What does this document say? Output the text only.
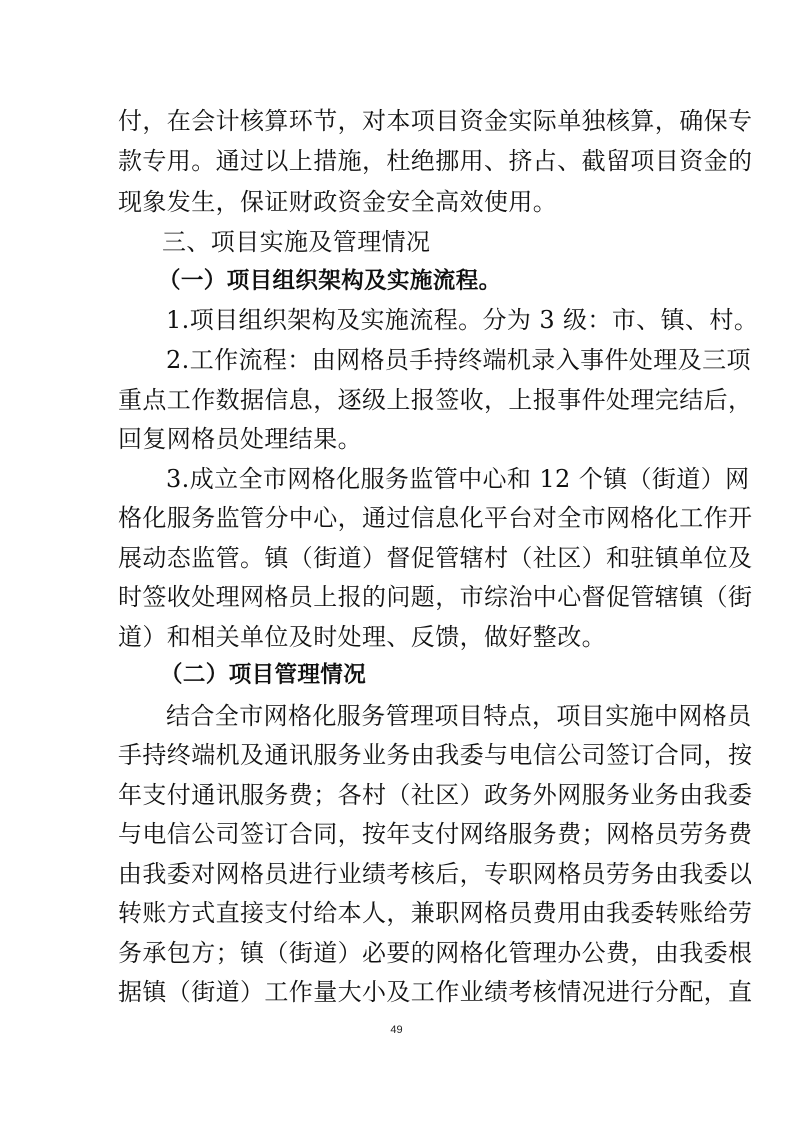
付，在会计核算环节，对本项目资金实际单独核算，确保专
款专用。通过以上措施，杜绝挪用、挤占、截留项目资金的
现象发生，保证财政资金安全高效使用。
三、项目实施及管理情况
（一）项目组织架构及实施流程。
1.项目组织架构及实施流程。分为 3 级：市、镇、村。
2.工作流程：由网格员手持终端机录入事件处理及三项
重点工作数据信息，逐级上报签收，上报事件处理完结后，
回复网格员处理结果。
3.成立全市网格化服务监管中心和 12 个镇（街道）网
格化服务监管分中心，通过信息化平台对全市网格化工作开
展动态监管。镇（街道）督促管辖村（社区）和驻镇单位及
时签收处理网格员上报的问题，市综治中心督促管辖镇（街
道）和相关单位及时处理、反馈，做好整改。
（二）项目管理情况
结合全市网格化服务管理项目特点，项目实施中网格员
手持终端机及通讯服务业务由我委与电信公司签订合同，按
年支付通讯服务费；各村（社区）政务外网服务业务由我委
与电信公司签订合同，按年支付网络服务费；网格员劳务费
由我委对网格员进行业绩考核后，专职网格员劳务由我委以
转账方式直接支付给本人，兼职网格员费用由我委转账给劳
务承包方；镇（街道）必要的网格化管理办公费，由我委根
据镇（街道）工作量大小及工作业绩考核情况进行分配，直
49
